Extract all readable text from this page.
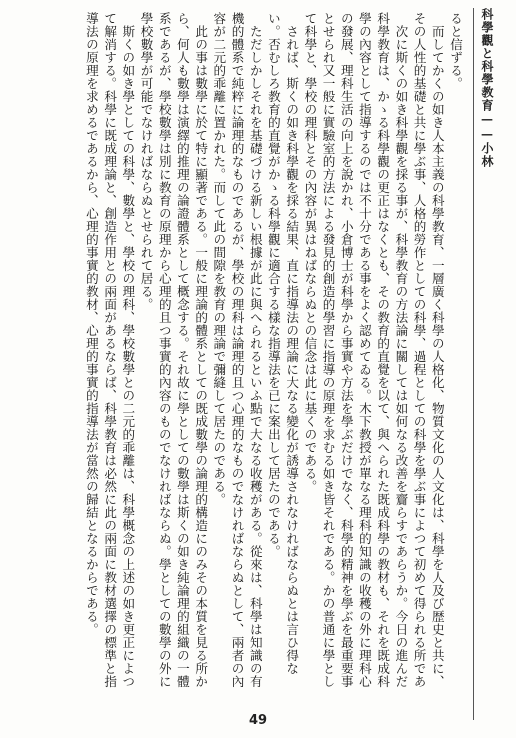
科學觀と科學教育——小林

ると信ずる。

　而してかくの如き人本主義の科學教育、一層廣く科學の人格化、物質文化の人文化は、科學を人及び歴史と共に、その人性的基礎と共に學ぶ事、人格的勞作としての科學、過程としての科學を學ぶ事によつて初めて得られる所であ

　次に斯くの如き科學觀を採る事が、科學教育の方法論に關しては如何なる改善を齎らすであらうか。今日の進んだ科學教育は、かゝる科學觀の更正はなくとも、その教育的直覺を以て、與へられた既成科學の教材も、それを既成科學の內容として指導するのでは不十分である事をよく認めてゐる。木下教授が單なる理科的知識の收穫の外に理科心の發展、理科生活の向上を說かれ、小倉博士が科學から事實や方法を學ぶだけでなく、科學的精神を學ぶを最重要事とせられ又一般に實驗室的方法による發見的創造的學習に指導の原理を求むる如き皆それである。かの普通に學として科學と、學校の理科とその內容が異はねばならぬとの信念は此に基くのである。

　されば、斯くの如き科學觀を採る結果、直に指導法の理論に大なる變化が誘導されなければならぬとは言ひ得ない。否むしろ教育的直覺がかゝる科學觀に適合する樣な指導法を已に案出して居たのである。

　ただしかしそれを基礎づける新しい根據が此に與へられるといふ點で大なる收穫がある。從來は、科學は知識の有機的體系で純粹に論理的なものであるが、學校の理科は論理的且つ心理的なものでなければならぬとして、兩者の內容が二元的乖離に置かれた。而して此の間隙を教育の理論で彌縫して居たのである。

　此の事は數學に於て特に顯著である。一般に理論的體系としての既成數學の論理的構造にのみその本質を見る所から、何人も數學は演繹的推理の論證體系として概念する。それ故に學としての數學は斯くの如き純論理的組織の一體系であるが、學校數學は別に教育の原理から心理的且つ事實的內容のものでなければならぬ。學としての數學の外に學校數學が可能でなければならぬとせられて居る。

　斯くの如き學としての科學、數學と、學校の理科、學校數學との二元的乖離は、科學概念の上述の如き更正によつて解消する。科學に既成理論と、創造作用との兩面があるならば、科學教育は必然に此の兩面に教材選擇の標準と指導法の原理を求めるであるから、心理的事實的教材、心理的事實的指導法が當然の歸結となるからである。

49
